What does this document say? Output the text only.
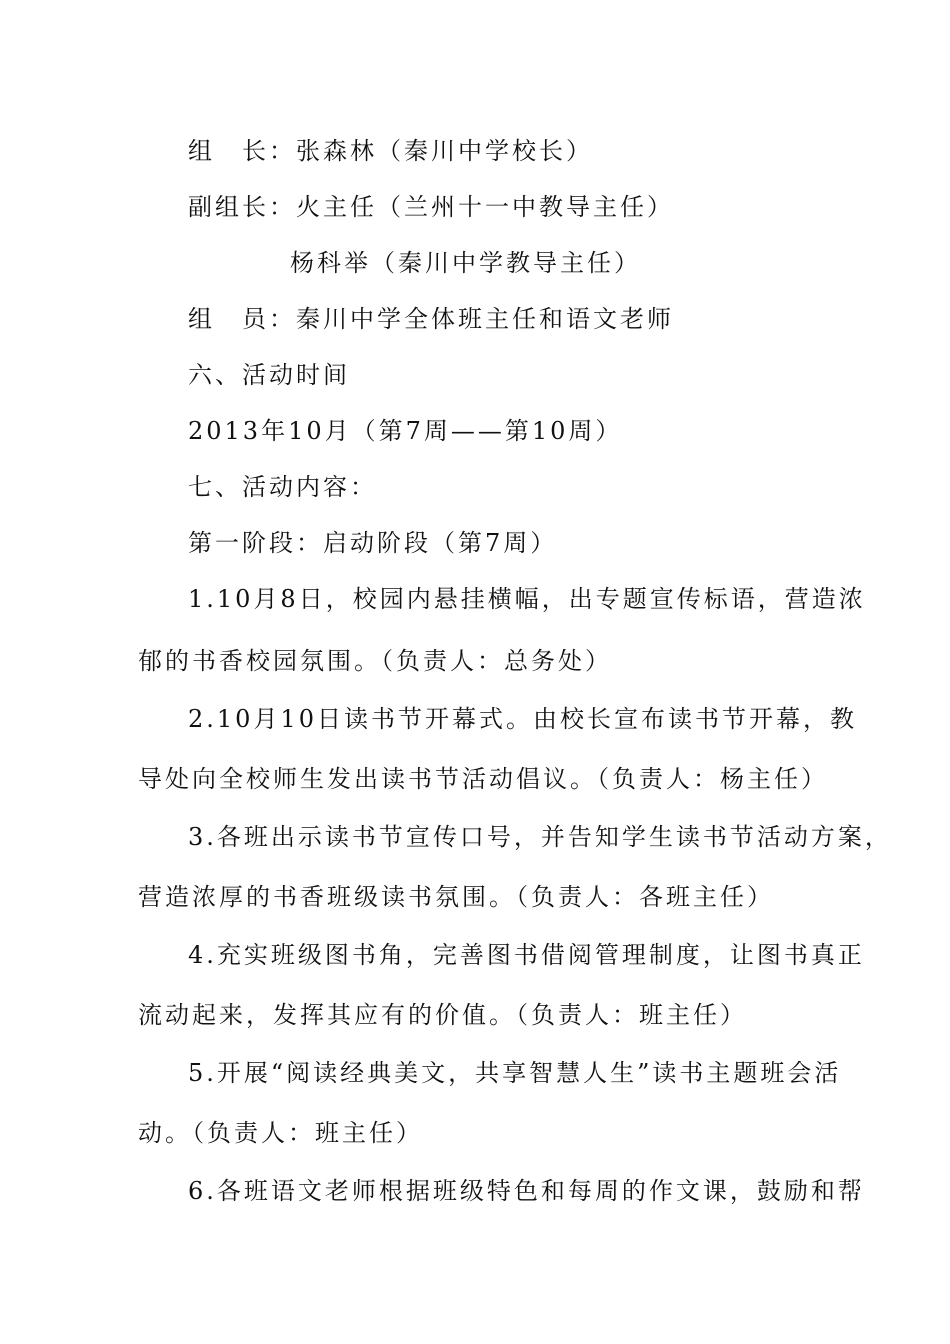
组　长：张森林（秦川中学校长）
副组长：火主任（兰州十一中教导主任）
杨科举（秦川中学教导主任）
组　员：秦川中学全体班主任和语文老师
六、活动时间
2013年10月（第7周——第10周）
七、活动内容：
第一阶段：启动阶段（第7周）
1.10月8日，校园内悬挂横幅，出专题宣传标语，营造浓
郁的书香校园氛围。（负责人：总务处）
2.10月10日读书节开幕式。由校长宣布读书节开幕，教
导处向全校师生发出读书节活动倡议。（负责人：杨主任）
3.各班出示读书节宣传口号，并告知学生读书节活动方案，
营造浓厚的书香班级读书氛围。（负责人：各班主任）
4.充实班级图书角，完善图书借阅管理制度，让图书真正
流动起来，发挥其应有的价值。（负责人：班主任）
5.开展“阅读经典美文，共享智慧人生”读书主题班会活
动。（负责人：班主任）
6.各班语文老师根据班级特色和每周的作文课，鼓励和帮
